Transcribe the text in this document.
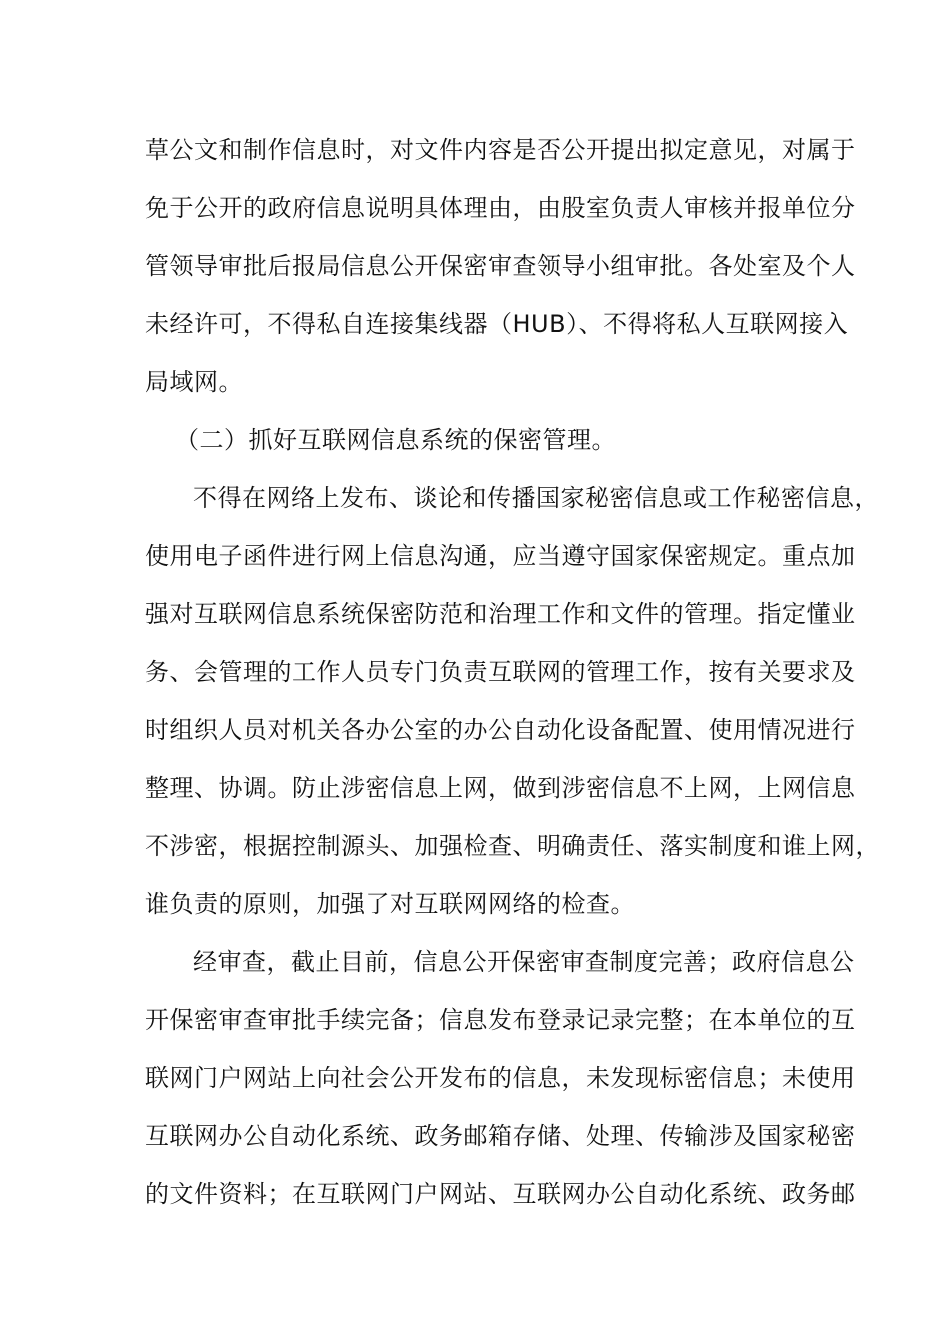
草公文和制作信息时，对文件内容是否公开提出拟定意见，对属于
免于公开的政府信息说明具体理由，由股室负责人审核并报单位分
管领导审批后报局信息公开保密审查领导小组审批。各处室及个人
未经许可，不得私自连接集线器（HUB）、不得将私人互联网接入
局域网。
（二）抓好互联网信息系统的保密管理。
不得在网络上发布、谈论和传播国家秘密信息或工作秘密信息，
使用电子函件进行网上信息沟通，应当遵守国家保密规定。重点加
强对互联网信息系统保密防范和治理工作和文件的管理。指定懂业
务、会管理的工作人员专门负责互联网的管理工作，按有关要求及
时组织人员对机关各办公室的办公自动化设备配置、使用情况进行
整理、协调。防止涉密信息上网，做到涉密信息不上网，上网信息
不涉密，根据控制源头、加强检查、明确责任、落实制度和谁上网，
谁负责的原则，加强了对互联网网络的检查。
经审查，截止目前，信息公开保密审查制度完善；政府信息公
开保密审查审批手续完备；信息发布登录记录完整；在本单位的互
联网门户网站上向社会公开发布的信息，未发现标密信息；未使用
互联网办公自动化系统、政务邮箱存储、处理、传输涉及国家秘密
的文件资料；在互联网门户网站、互联网办公自动化系统、政务邮
